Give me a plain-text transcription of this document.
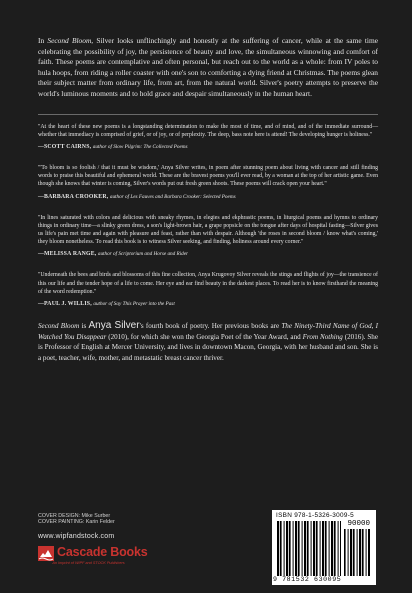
In Second Bloom, Silver looks unflinchingly and honestly at the suffering of cancer, while at the same time celebrating the possibility of joy, the persistence of beauty and love, the simultaneous winnowing and comfort of faith. These poems are contemplative and often personal, but reach out to the world as a whole: from IV poles to hula hoops, from riding a roller coaster with one's son to comforting a dying friend at Christmas. The poems glean their subject matter from ordinary life, from art, from the natural world. Silver's poetry attempts to preserve the world's luminous moments and to hold grace and despair simultaneously in the human heart.

"At the heart of these new poems is a longstanding determination to make the most of time, and of mind, and of the immediate surround—whether that immediacy is comprised of grief, or of joy, or of perplexity. The deep, bass note here is attend! The developing hunger is holiness."

—SCOTT CAIRNS, author of Slow Pilgrim: The Collected Poems

"'To bloom is so foolish / that it must be wisdom,' Anya Silver writes, in poem after stunning poem about living with cancer and still finding words to praise this beautiful and ephemeral world. These are the bravest poems you'll ever read, by a woman at the top of her artistic game. Even though she knows that winter is coming, Silver's words put out fresh green shoots. These poems will crack open your heart."

—BARBARA CROOKER, author of Les Fauves and Barbara Crooker: Selected Poems

"In lines saturated with colors and delicious with sneaky rhymes, in elegies and ekphrastic poems, in liturgical poems and hymns to ordinary things in ordinary time—a slinky green dress, a son's light-brown hair, a grape popsicle on the tongue after days of hospital fasting—Silver gives us life's pain met time and again with pleasure and feast, rather than with despair. Although 'the roses in second bloom / know what's coming,' they bloom nonetheless. To read this book is to witness Silver seeking, and finding, holiness around every corner."

—MELISSA RANGE, author of Scriptorium and Horse and Rider

"Underneath the bees and birds and blossoms of this fine collection, Anya Krugovoy Silver reveals the stings and flights of joy—the transience of this our life and the tender hope of a life to come. Her eye and ear find beauty in the darkest places. To read her is to know firsthand the meaning of the word redemption."

—PAUL J. WILLIS, author of Say This Prayer into the Past

Second Bloom is Anya Silver's fourth book of poetry. Her previous books are The Ninety-Third Name of God, I Watched You Disappear (2010), for which she won the Georgia Poet of the Year Award, and From Nothing (2016). She is Professor of English at Mercer University, and lives in downtown Macon, Georgia, with her husband and son. She is a poet, teacher, wife, mother, and metastatic breast cancer thriver.

COVER DESIGN: Mike Surber
COVER PAINTING: Karin Felder
www.wipfandstock.com
Cascade Books
An Imprint of WIPF and STOCK Publishers
ISBN 978-1-5326-3009-5
90000
9 781532 630095
